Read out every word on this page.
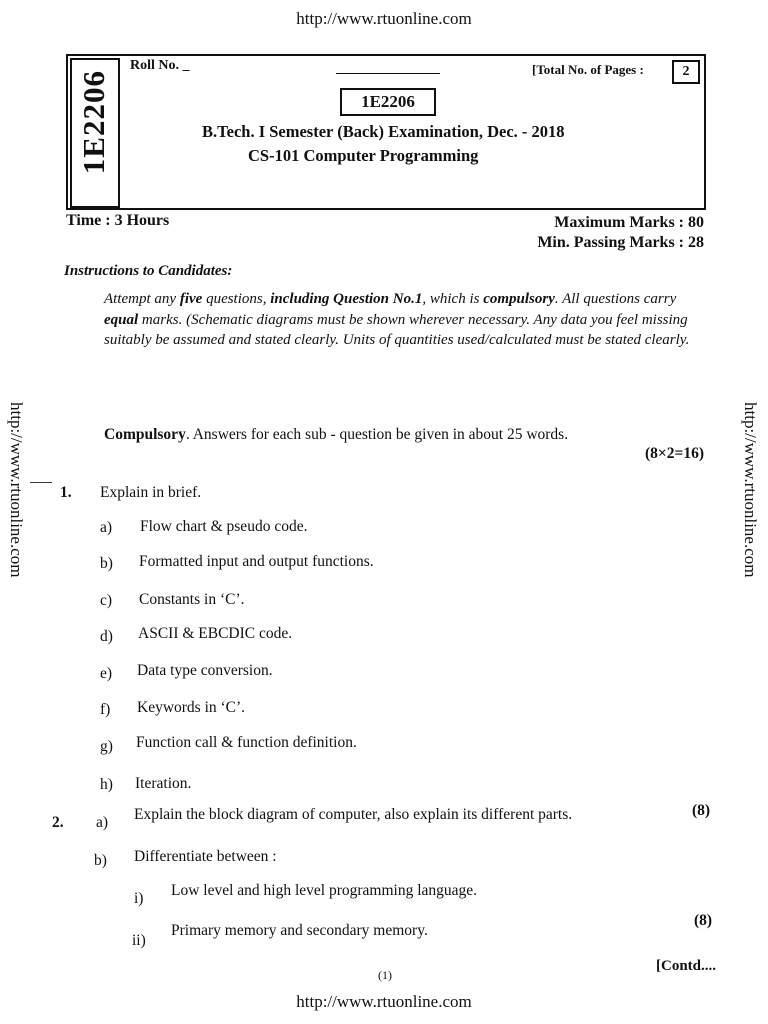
http://www.rtuonline.com
http://www.rtuonline.com	http://www.rtuonline.com
1E2206
Roll No. _	[Total No. of Pages :	2
1E2206
B.Tech. I Semester (Back) Examination, Dec. - 2018
CS-101 Computer Programming
Time : 3 Hours	Maximum Marks : 80
Min. Passing Marks : 28
Instructions to Candidates:
Attempt any five questions, including Question No.1, which is compulsory. All questions carry equal marks. (Schematic diagrams must be shown wherever necessary. Any data you feel missing suitably be assumed and stated clearly. Units of quantities used/calculated must be stated clearly.
Compulsory. Answers for each sub - question be given in about 25 words.
(8×2=16)
1. Explain in brief.
a) Flow chart & pseudo code.
b) Formatted input and output functions.
c) Constants in ‘C’.
d) ASCII & EBCDIC code.
e) Data type conversion.
f) Keywords in ‘C’.
g) Function call & function definition.
h) Iteration.
2. a) Explain the block diagram of computer, also explain its different parts.	(8)
b) Differentiate between :
i) Low level and high level programming language.
ii)
Primary memory and secondary memory.
(8)
(1)
[Contd....
http://www.rtuonline.com
